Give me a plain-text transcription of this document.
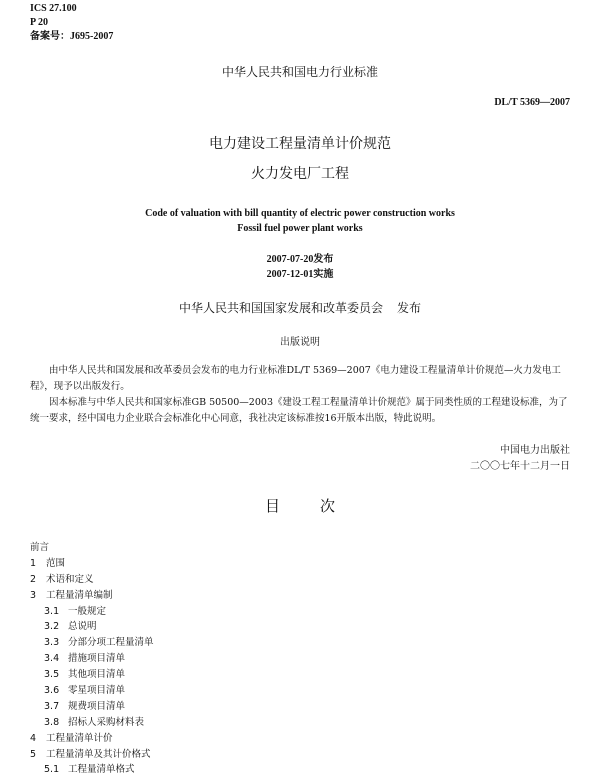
ICS 27.100
P 20
备案号：J695-2007
中华人民共和国电力行业标准
DL/T 5369—2007
电力建设工程量清单计价规范
火力发电厂工程
Code of valuation with bill quantity of electric power construction works
Fossil fuel power plant works
2007-07-20发布
2007-12-01实施
中华人民共和国国家发展和改革委员会 发布
出版说明
由中华人民共和国发展和改革委员会发布的电力行业标准DL/T 5369—2007《电力建设工程量清单计价规范—火力发电工程》，现予以出版发行。
因本标准与中华人民共和国家标准GB 50500—2003《建设工程工程量清单计价规范》属于同类性质的工程建设标准，为了统一要求，经中国电力企业联合会标准化中心同意，我社决定该标准按16开版本出版，特此说明。
中国电力出版社
二〇〇七年十二月一日
目	次
前言
1 范围
2 术语和定义
3 工程量清单编制
3.1 一般规定
3.2 总说明
3.3 分部分项工程量清单
3.4 措施项目清单
3.5 其他项目清单
3.6 零星项目清单
3.7 规费项目清单
3.8 招标人采购材料表
4 工程量清单计价
5 工程量清单及其计价格式
5.1 工程量清单格式
